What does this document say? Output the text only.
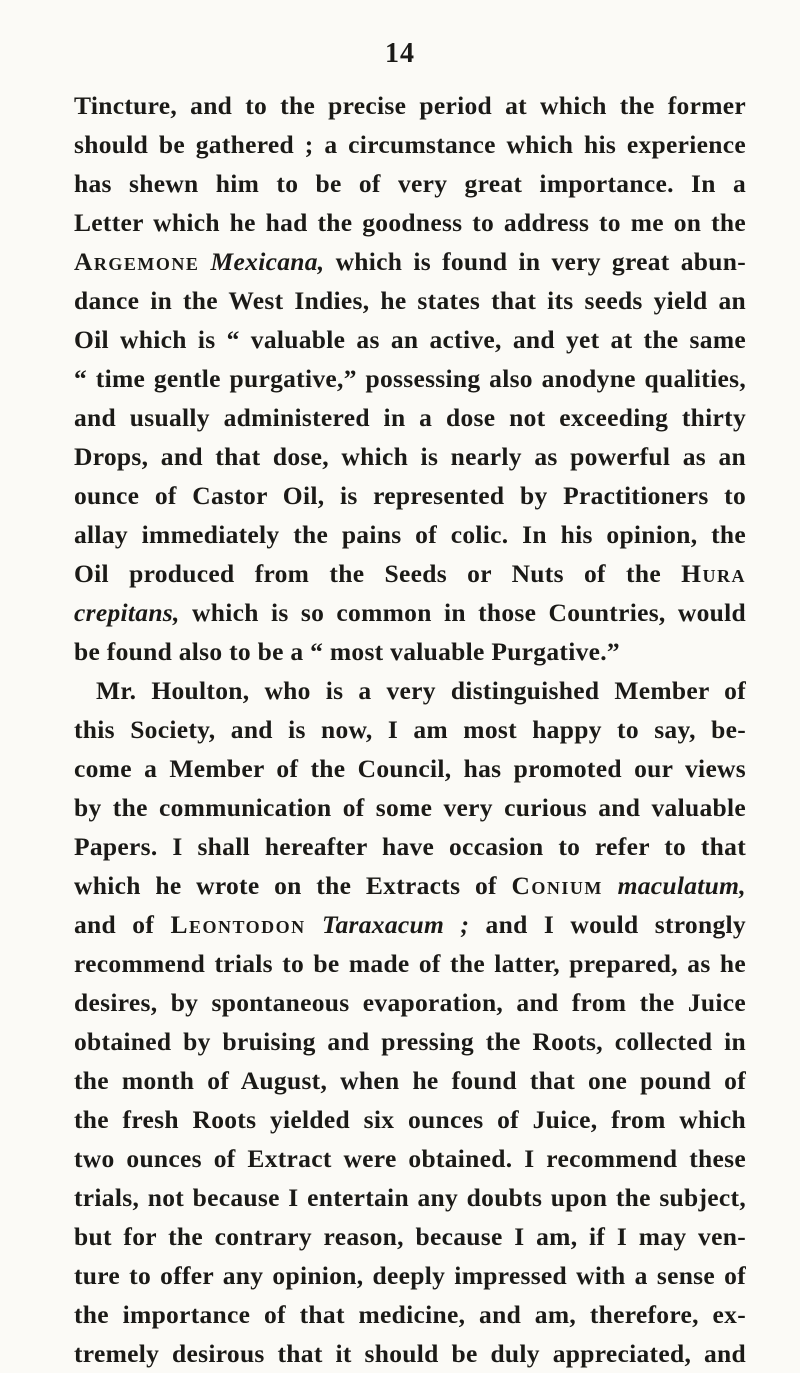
14
Tincture, and to the precise period at which the former
should be gathered ; a circumstance which his experience
has shewn him to be of very great importance. In a
Letter which he had the goodness to address to me on the
Argemone Mexicana, which is found in very great abun-
dance in the West Indies, he states that its seeds yield an
Oil which is “ valuable as an active, and yet at the same
“ time gentle purgative,” possessing also anodyne qualities,
and usually administered in a dose not exceeding thirty
Drops, and that dose, which is nearly as powerful as an
ounce of Castor Oil, is represented by Practitioners to
allay immediately the pains of colic. In his opinion, the
Oil produced from the Seeds or Nuts of the Hura
crepitans, which is so common in those Countries, would
be found also to be a “ most valuable Purgative.”
Mr. Houlton, who is a very distinguished Member of
this Society, and is now, I am most happy to say, be-
come a Member of the Council, has promoted our views
by the communication of some very curious and valuable
Papers. I shall hereafter have occasion to refer to that
which he wrote on the Extracts of Conium maculatum,
and of Leontodon Taraxacum ; and I would strongly
recommend trials to be made of the latter, prepared, as he
desires, by spontaneous evaporation, and from the Juice
obtained by bruising and pressing the Roots, collected in
the month of August, when he found that one pound of
the fresh Roots yielded six ounces of Juice, from which
two ounces of Extract were obtained. I recommend these
trials, not because I entertain any doubts upon the subject,
but for the contrary reason, because I am, if I may ven-
ture to offer any opinion, deeply impressed with a sense of
the importance of that medicine, and am, therefore, ex-
tremely desirous that it should be duly appreciated, and
